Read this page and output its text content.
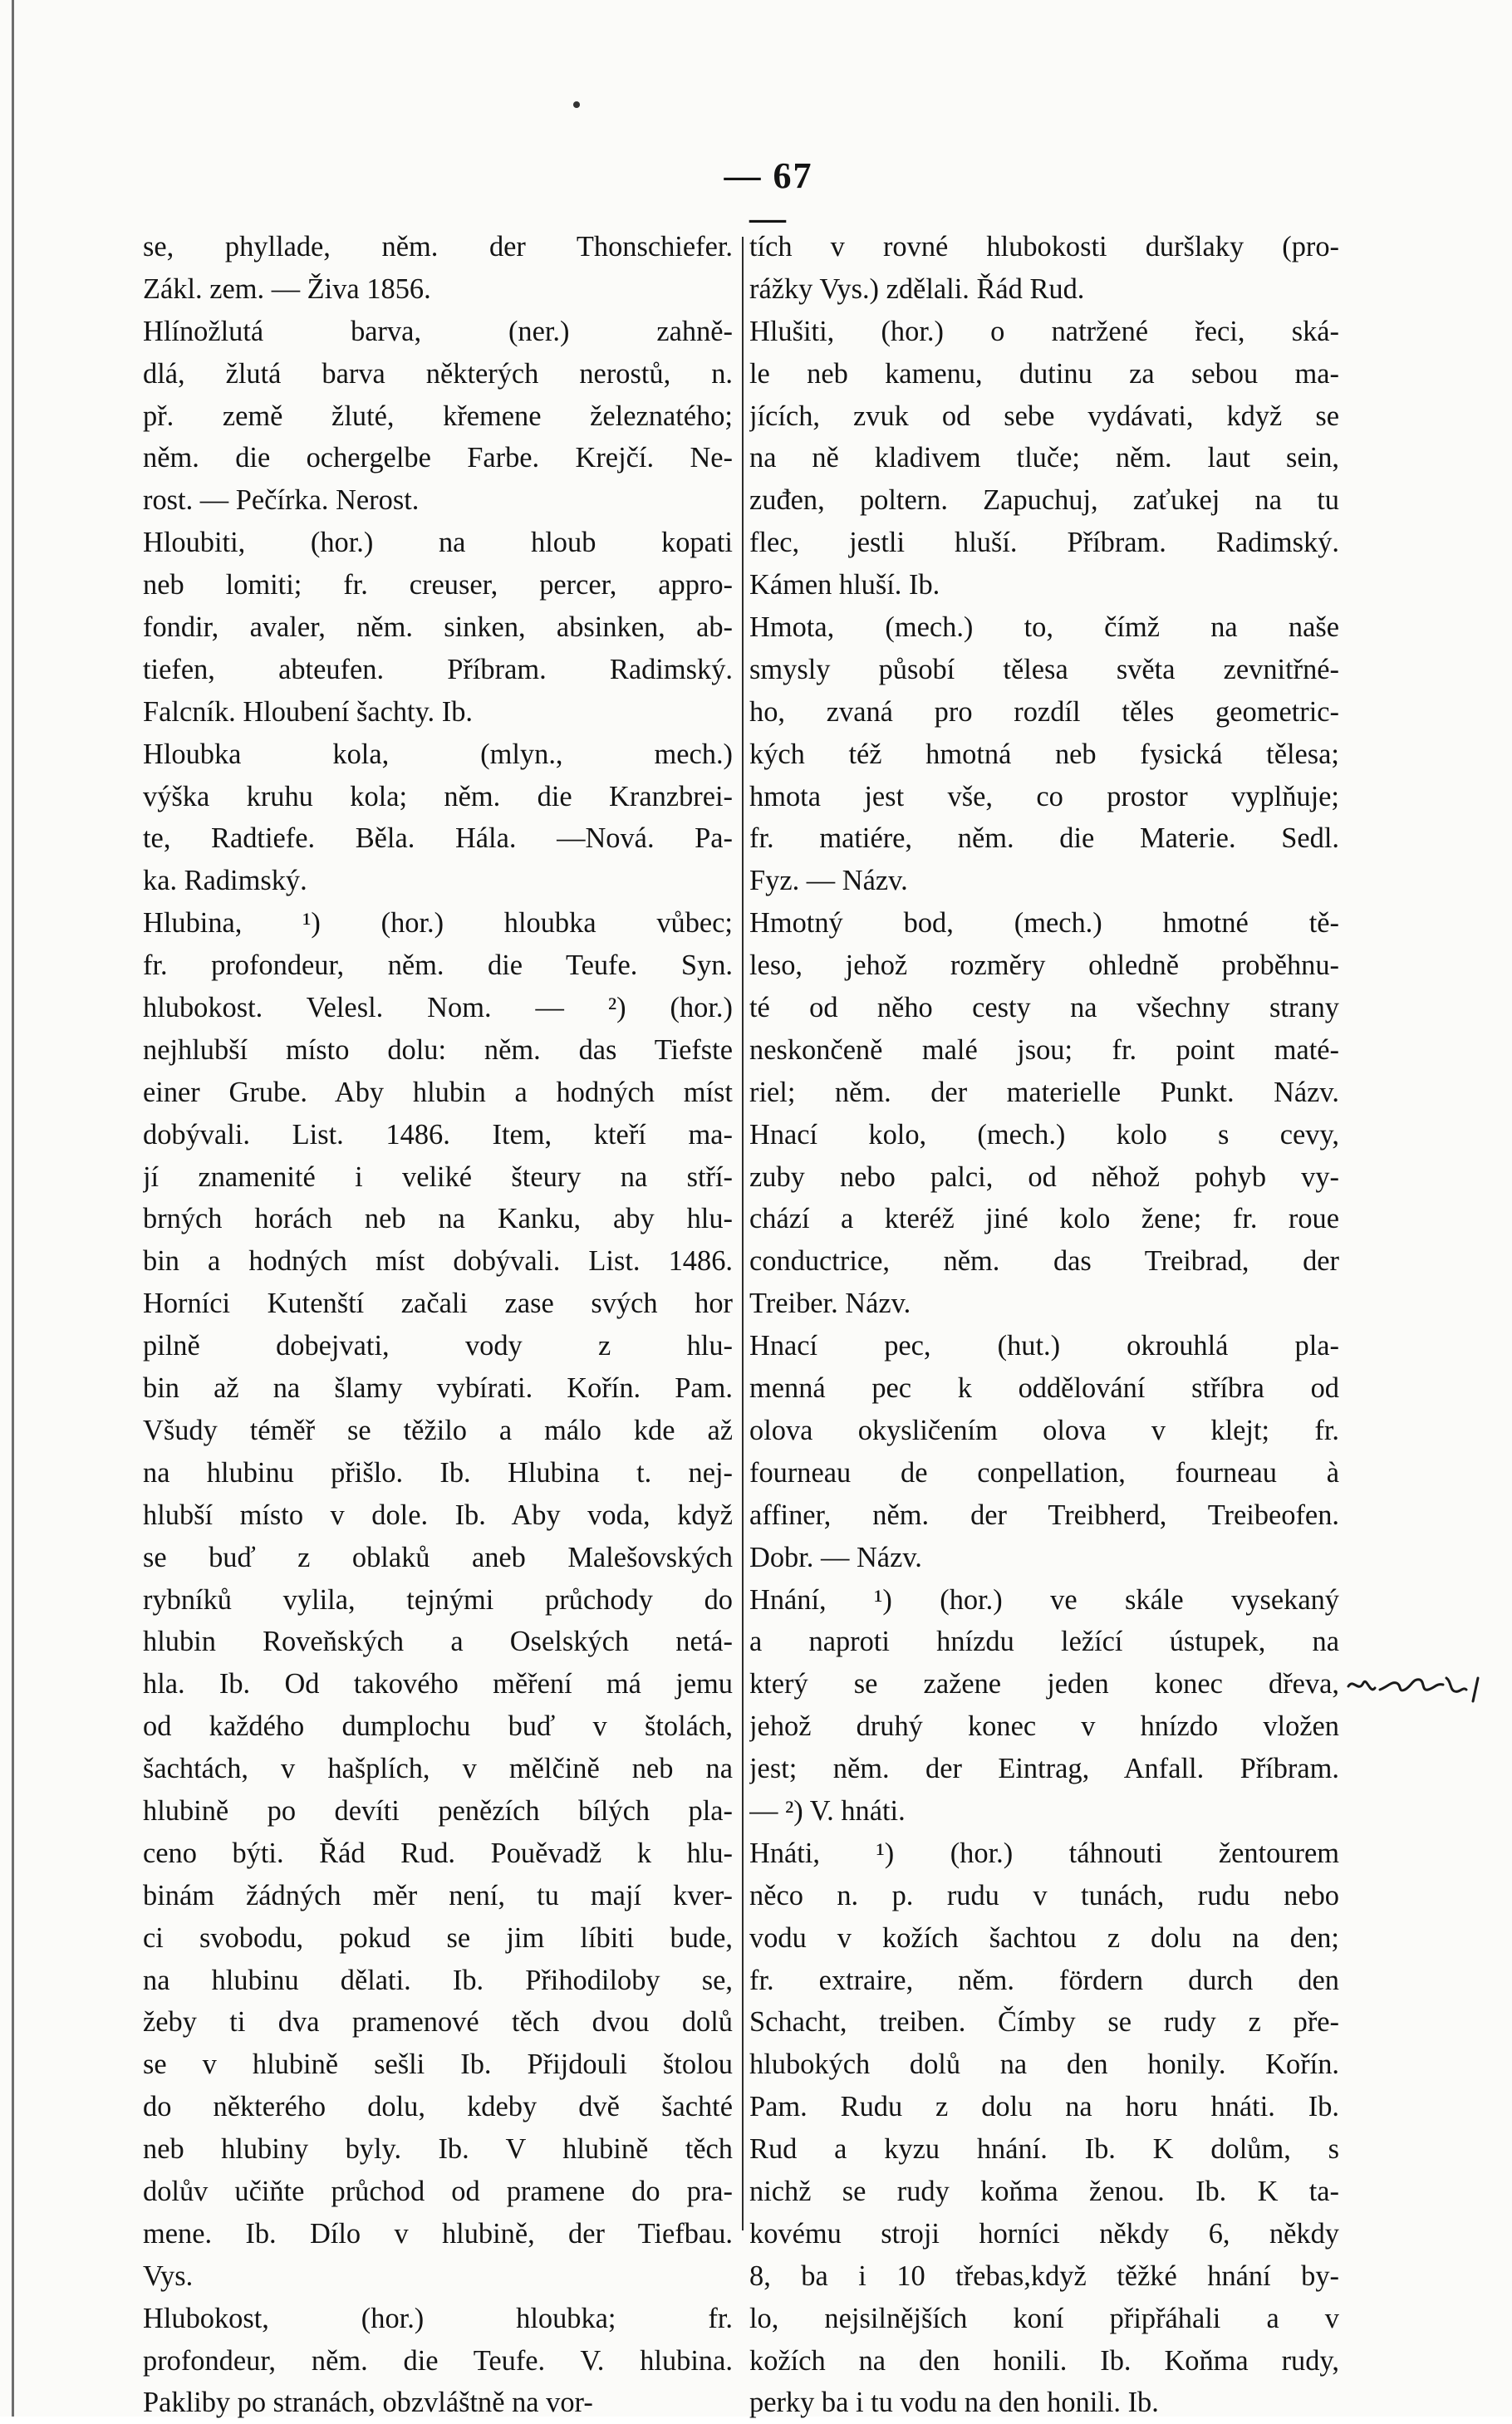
— 67 —
se, phyllade, něm. der Thonschiefer.
Zákl. zem. — Živa 1856.
Hlínožlutá barva, (ner.) zahně-
dlá, žlutá barva některých nerostů, n.
př. země žluté, křemene železnatého;
něm. die ochergelbe Farbe. Krejčí. Ne-
rost. — Pečírka. Nerost.
Hloubiti, (hor.) na hloub kopati
neb lomiti; fr. creuser, percer, appro-
fondir, avaler, něm. sinken, absinken, ab-
tiefen, abteufen. Příbram. Radimský.
Falcník. Hloubení šachty. Ib.
Hloubka kola, (mlyn., mech.)
výška kruhu kola; něm. die Kranzbrei-
te, Radtiefe. Běla. Hála. —Nová. Pa-
ka. Radimský.
Hlubina, ¹) (hor.) hloubka vůbec;
fr. profondeur, něm. die Teufe. Syn.
hlubokost. Velesl. Nom. — ²) (hor.)
nejhlubší místo dolu: něm. das Tiefste
einer Grube. Aby hlubin a hodných míst
dobývali. List. 1486. Item, kteří ma-
jí znamenité i veliké šteury na stří-
brných horách neb na Kanku, aby hlu-
bin a hodných míst dobývali. List. 1486.
Horníci Kutenští začali zase svých hor
pilně dobejvati, vody z hlu-
bin až na šlamy vybírati. Kořín. Pam.
Všudy téměř se těžilo a málo kde až
na hlubinu přišlo. Ib. Hlubina t. nej-
hlubší místo v dole. Ib. Aby voda, když
se buď z oblaků aneb Malešovských
rybníků vylila, tejnými průchody do
hlubin Roveňských a Oselských netá-
hla. Ib. Od takového měření má jemu
od každého dumplochu buď v štolách,
šachtách, v hašplích, v mělčině neb na
hlubině po devíti penězích bílých pla-
ceno býti. Řád Rud. Pouěvadž k hlu-
binám žádných měr není, tu mají kver-
ci svobodu, pokud se jim líbiti bude,
na hlubinu dělati. Ib. Přihodiloby se,
žeby ti dva pramenové těch dvou dolů
se v hlubině sešli Ib. Přijdouli štolou
do některého dolu, kdeby dvě šachté
neb hlubiny byly. Ib. V hlubině těch
dolův učiňte průchod od pramene do pra-
mene. Ib. Dílo v hlubině, der Tiefbau.
Vys.
Hlubokost, (hor.) hloubka; fr.
profondeur, něm. die Teufe. V. hlubina.
Pakliby po stranách, obzvláštně na vor-
tích v rovné hlubokosti duršlaky (pro-
rážky Vys.) zdělali. Řád Rud.
Hlušiti, (hor.) o natržené řeci, ská-
le neb kamenu, dutinu za sebou ma-
jících, zvuk od sebe vydávati, když se
na ně kladivem tluče; něm. laut sein,
zuđen, poltern. Zapuchuj, zaťukej na tu
flec, jestli hluší. Příbram. Radimský.
Kámen hluší. Ib.
Hmota, (mech.) to, čímž na naše
smysly působí tělesa světa zevnitřné-
ho, zvaná pro rozdíl těles geometric-
kých též hmotná neb fysická tělesa;
hmota jest vše, co prostor vyplňuje;
fr. matiére, něm. die Materie. Sedl.
Fyz. — Názv.
Hmotný bod, (mech.) hmotné tě-
leso, jehož rozměry ohledně proběhnu-
té od něho cesty na všechny strany
neskončeně malé jsou; fr. point maté-
riel; něm. der materielle Punkt. Názv.
Hnací kolo, (mech.) kolo s cevy,
zuby nebo palci, od něhož pohyb vy-
chází a kteréž jiné kolo žene; fr. roue
conductrice, něm. das Treibrad, der
Treiber. Názv.
Hnací pec, (hut.) okrouhlá pla-
menná pec k oddělování stříbra od
olova okysličením olova v klejt; fr.
fourneau de conpellation, fourneau à
affiner, něm. der Treibherd, Treibeofen.
Dobr. — Názv.
Hnání, ¹) (hor.) ve skále vysekaný
a naproti hnízdu ležící ústupek, na
který se zažene jeden konec dřeva,
jehož druhý konec v hnízdo vložen
jest; něm. der Eintrag, Anfall. Příbram.
— ²) V. hnáti.
Hnáti, ¹) (hor.) táhnouti žentourem
něco n. p. rudu v tunách, rudu nebo
vodu v kožích šachtou z dolu na den;
fr. extraire, něm. fördern durch den
Schacht, treiben. Čímby se rudy z pře-
hlubokých dolů na den honily. Kořín.
Pam. Rudu z dolu na horu hnáti. Ib.
Rud a kyzu hnání. Ib. K dolům, s
nichž se rudy koňma ženou. Ib. K ta-
kovému stroji horníci někdy 6, někdy
8, ba i 10 třebas,když těžké hnání by-
lo, nejsilnějších koní připřáhali a v
kožích na den honili. Ib. Koňma rudy,
perky ba i tu vodu na den honili. Ib.
